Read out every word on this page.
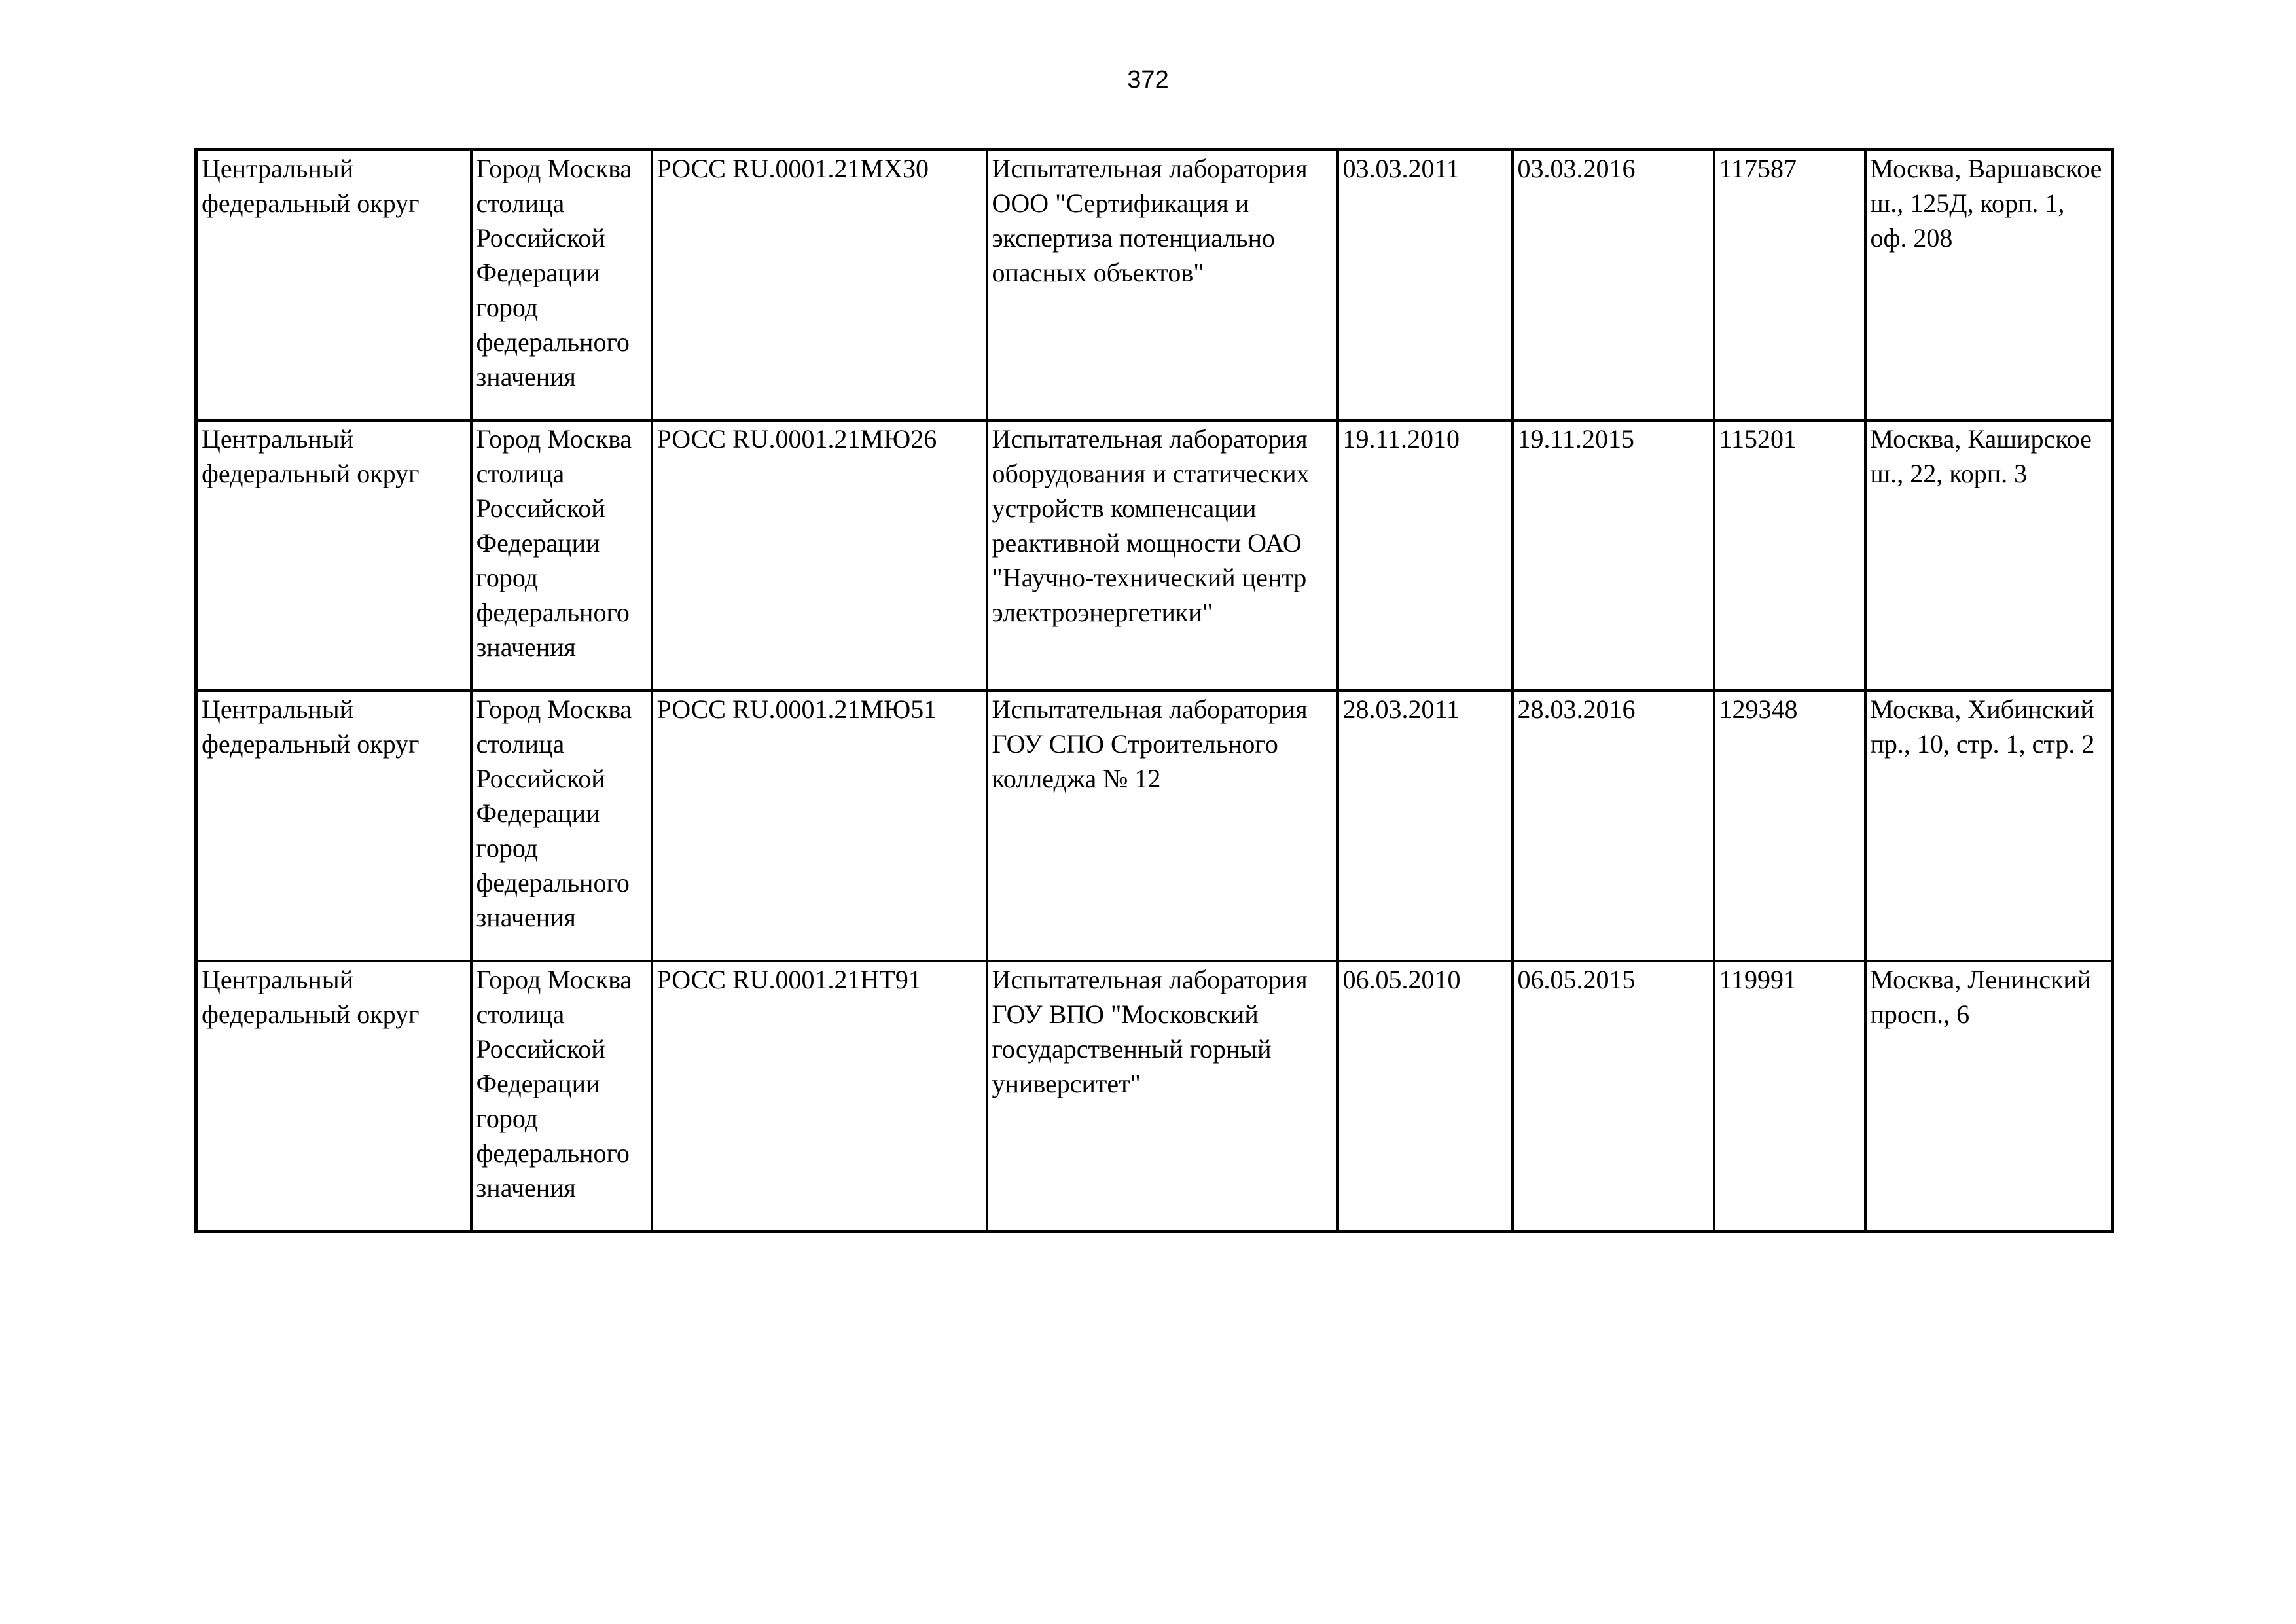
372
Центральный федеральный округ	Город Москва столица Российской Федерации город федерального значения	РОСС RU.0001.21МХ30	Испытательная лаборатория ООО "Сертификация и экспертиза потенциально опасных объектов"	03.03.2011	03.03.2016	117587	Москва, Варшавское ш., 125Д, корп. 1, оф. 208

Центральный федеральный округ	Город Москва столица Российской Федерации город федерального значения	РОСС RU.0001.21МЮ26	Испытательная лаборатория оборудования и статических устройств компенсации реактивной мощности ОАО "Научно-технический центр электроэнергетики"	19.11.2010	19.11.2015	115201	Москва, Каширское ш., 22, корп. 3

Центральный федеральный округ	Город Москва столица Российской Федерации город федерального значения	РОСС RU.0001.21МЮ51	Испытательная лаборатория ГОУ СПО Строительного колледжа № 12	28.03.2011	28.03.2016	129348	Москва, Хибинский пр., 10, стр. 1, стр. 2

Центральный федеральный округ	Город Москва столица Российской Федерации город федерального значения	РОСС RU.0001.21НТ91	Испытательная лаборатория ГОУ ВПО "Московский государственный горный университет"	06.05.2010	06.05.2015	119991	Москва, Ленинский просп., 6
